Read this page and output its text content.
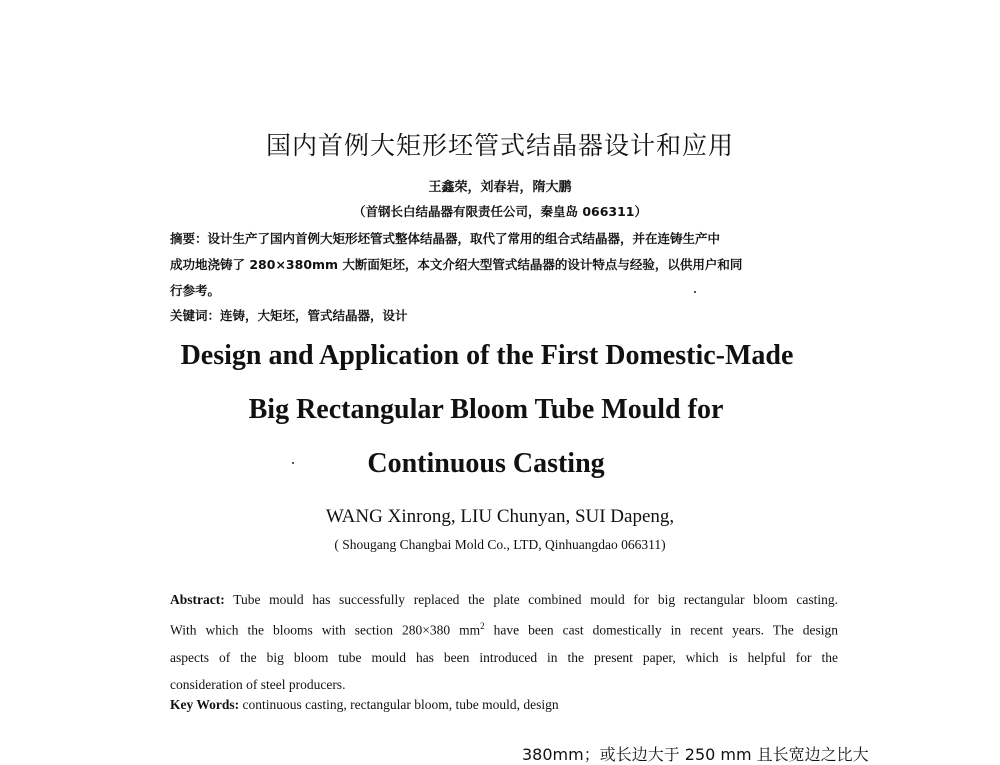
国内首例大矩形坯管式结晶器设计和应用
王鑫荣，刘春岩，隋大鹏
（首钢长白结晶器有限责任公司，秦皇岛 066311）
摘要：设计生产了国内首例大矩形坯管式整体结晶器，取代了常用的组合式结晶器，并在连铸生产中
成功地浇铸了 280×380mm 大断面矩坯，本文介绍大型管式结晶器的设计特点与经验，以供用户和同
行参考。
关键词：连铸，大矩坯，管式结晶器，设计
Design and Application of the First Domestic-Made
Big Rectangular Bloom Tube Mould for
Continuous Casting
WANG Xinrong, LIU Chunyan, SUI Dapeng,
( Shougang Changbai Mold Co., LTD, Qinhuangdao 066311)
Abstract: Tube mould has successfully replaced the plate combined mould for big rectangular bloom casting.
With which the blooms with section 280×380 $mm^2$ have been cast domestically in recent years. The design
aspects of the big bloom tube mould has been introduced in the present paper, which is helpful for the
consideration of steel producers.
Key Words: continuous casting, rectangular bloom, tube mould, design
380mm；或长边大于 250 mm 且长宽边之比大
